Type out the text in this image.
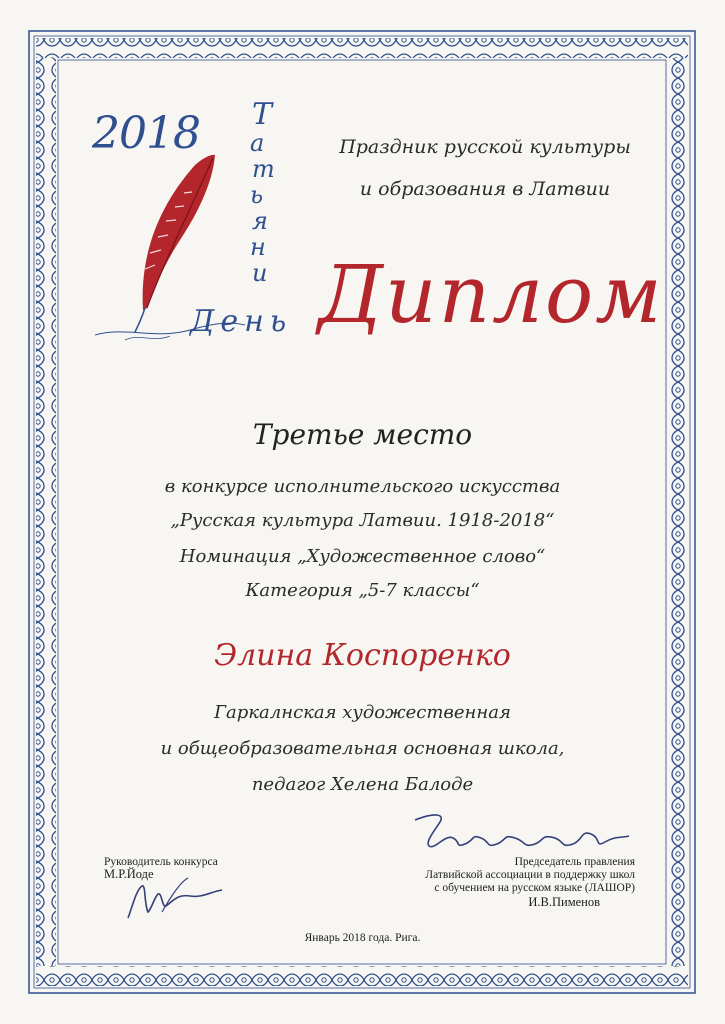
2018 Т
а
т
ь
я
н
и
День
Праздник русской культуры
и образования в Латвии
Диплом
Третье место
в конкурсе исполнительского искусства
„Русская культура Латвии. 1918-2018“
Номинация „Художественное слово“
Категория „5-7 классы“
Элина Коспоренко
Гаркалнская художественная
и общеобразовательная основная школа,
педагог Хелена Балоде
Председатель правления
Латвийской ассоциации в поддержку школ
с обучением на русском языке (ЛАШОР)
И.В.Пименов
Руководитель конкурса
М.Р.Йоде
Январь 2018 года. Рига.
